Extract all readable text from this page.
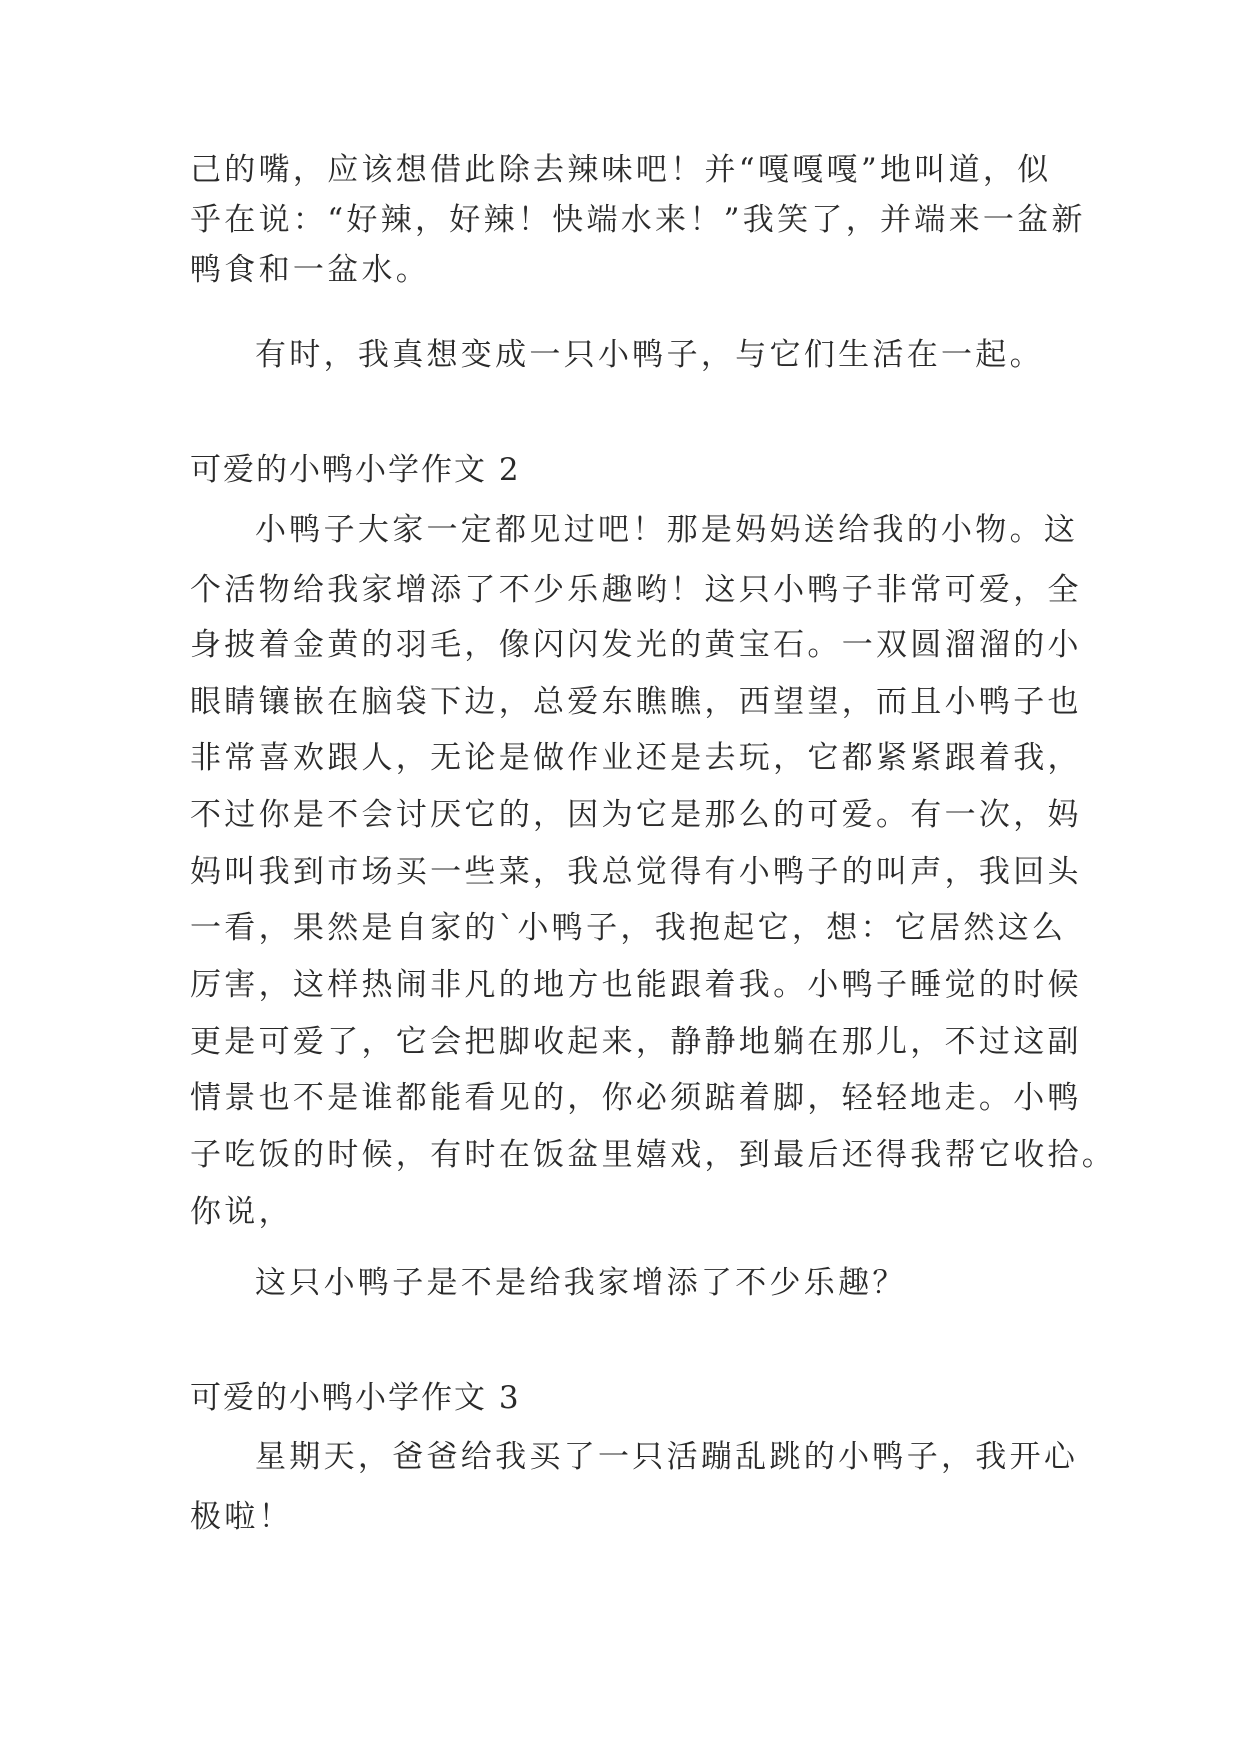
己的嘴，应该想借此除去辣味吧！并“嘎嘎嘎”地叫道，似
乎在说：“好辣，好辣！快端水来！”我笑了，并端来一盆新
鸭食和一盆水。
有时，我真想变成一只小鸭子，与它们生活在一起。
可爱的小鸭小学作文 2
小鸭子大家一定都见过吧！那是妈妈送给我的小物。这
个活物给我家增添了不少乐趣哟！这只小鸭子非常可爱，全
身披着金黄的羽毛，像闪闪发光的黄宝石。一双圆溜溜的小
眼睛镶嵌在脑袋下边，总爱东瞧瞧，西望望，而且小鸭子也
非常喜欢跟人，无论是做作业还是去玩，它都紧紧跟着我，
不过你是不会讨厌它的，因为它是那么的可爱。有一次，妈
妈叫我到市场买一些菜，我总觉得有小鸭子的叫声，我回头
一看，果然是自家的`小鸭子，我抱起它，想：它居然这么
厉害，这样热闹非凡的地方也能跟着我。小鸭子睡觉的时候
更是可爱了，它会把脚收起来，静静地躺在那儿，不过这副
情景也不是谁都能看见的，你必须踮着脚，轻轻地走。小鸭
子吃饭的时候，有时在饭盆里嬉戏，到最后还得我帮它收拾。
你说，
这只小鸭子是不是给我家增添了不少乐趣？
可爱的小鸭小学作文 3
星期天，爸爸给我买了一只活蹦乱跳的小鸭子，我开心
极啦！
